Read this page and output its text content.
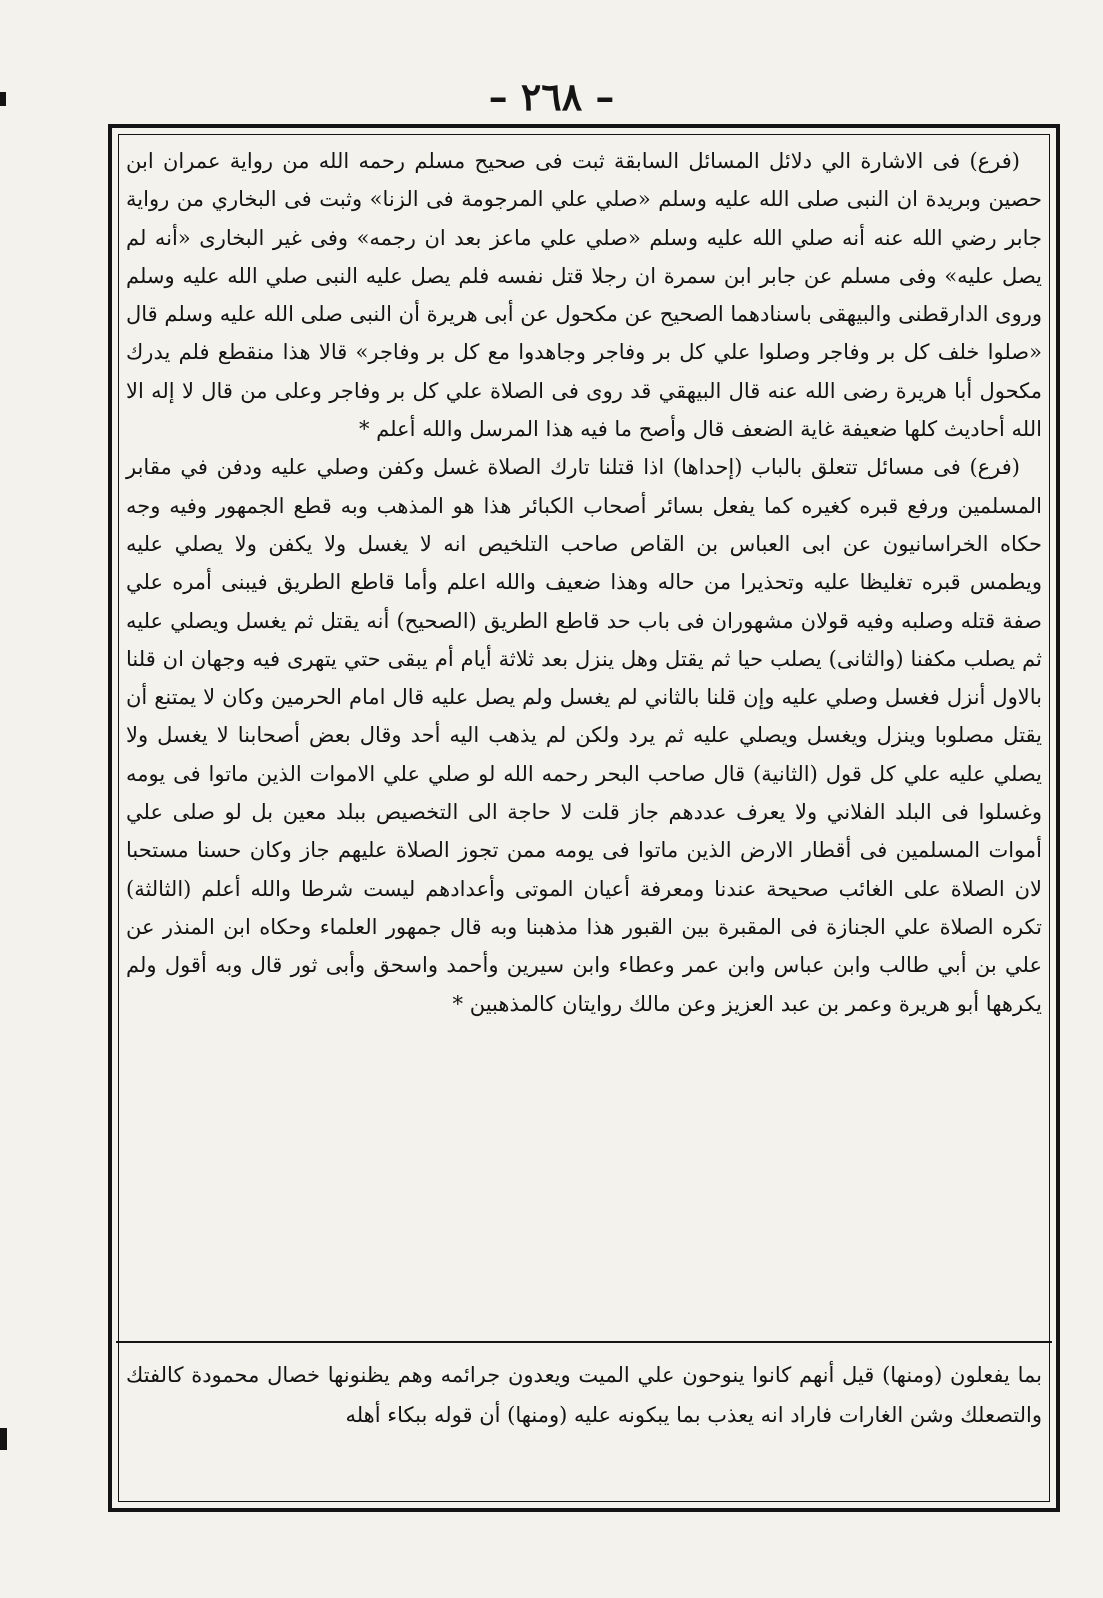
– ٢٦٨ –

(فرع) فى الاشارة الي دلائل المسائل السابقة ثبت فى صحيح مسلم رحمه الله من رواية عمران ابن حصين وبريدة ان النبى صلى الله عليه وسلم «صلي علي المرجومة فى الزنا» وثبت فى البخاري من رواية جابر رضي الله عنه أنه صلي الله عليه وسلم «صلي علي ماعز بعد ان رجمه» وفى غير البخارى «أنه لم يصل عليه» وفى مسلم عن جابر ابن سمرة ان رجلا قتل نفسه فلم يصل عليه النبى صلي الله عليه وسلم وروى الدارقطنى والبيهقى باسنادهما الصحيح عن مكحول عن أبى هريرة أن النبى صلى الله عليه وسلم قال «صلوا خلف كل بر وفاجر وصلوا علي كل بر وفاجر وجاهدوا مع كل بر وفاجر» قالا هذا منقطع فلم يدرك مكحول أبا هريرة رضى الله عنه قال البيهقي قد روى فى الصلاة علي كل بر وفاجر وعلى من قال لا إله الا الله أحاديث كلها ضعيفة غاية الضعف قال وأصح ما فيه هذا المرسل والله أعلم *

(فرع) فى مسائل تتعلق بالباب (إحداها) اذا قتلنا تارك الصلاة غسل وكفن وصلي عليه ودفن في مقابر المسلمين ورفع قبره كغيره كما يفعل بسائر أصحاب الكبائر هذا هو المذهب وبه قطع الجمهور وفيه وجه حكاه الخراسانيون عن ابى العباس بن القاص صاحب التلخيص انه لا يغسل ولا يكفن ولا يصلي عليه ويطمس قبره تغليظا عليه وتحذيرا من حاله وهذا ضعيف والله اعلم وأما قاطع الطريق فيبنى أمره علي صفة قتله وصلبه وفيه قولان مشهوران فى باب حد قاطع الطريق (الصحيح) أنه يقتل ثم يغسل ويصلي عليه ثم يصلب مكفنا (والثانى) يصلب حيا ثم يقتل وهل ينزل بعد ثلاثة أيام أم يبقى حتي يتهرى فيه وجهان ان قلنا بالاول أنزل فغسل وصلي عليه وإن قلنا بالثاني لم يغسل ولم يصل عليه قال امام الحرمين وكان لا يمتنع أن يقتل مصلوبا وينزل ويغسل ويصلي عليه ثم يرد ولكن لم يذهب اليه أحد وقال بعض أصحابنا لا يغسل ولا يصلي عليه علي كل قول (الثانية) قال صاحب البحر رحمه الله لو صلي علي الاموات الذين ماتوا فى يومه وغسلوا فى البلد الفلاني ولا يعرف عددهم جاز قلت لا حاجة الى التخصيص ببلد معين بل لو صلى علي أموات المسلمين فى أقطار الارض الذين ماتوا فى يومه ممن تجوز الصلاة عليهم جاز وكان حسنا مستحبا لان الصلاة على الغائب صحيحة عندنا ومعرفة أعيان الموتى وأعدادهم ليست شرطا والله أعلم (الثالثة) تكره الصلاة علي الجنازة فى المقبرة بين القبور هذا مذهبنا وبه قال جمهور العلماء وحكاه ابن المنذر عن علي بن أبي طالب وابن عباس وابن عمر وعطاء وابن سيرين وأحمد واسحق وأبى ثور قال وبه أقول ولم يكرهها أبو هريرة وعمر بن عبد العزيز وعن مالك روايتان كالمذهبين *

بما يفعلون (ومنها) قيل أنهم كانوا ينوحون علي الميت ويعدون جرائمه وهم يظنونها خصال محمودة كالفتك والتصعلك وشن الغارات فاراد انه يعذب بما يبكونه عليه (ومنها) أن قوله ببكاء أهله
